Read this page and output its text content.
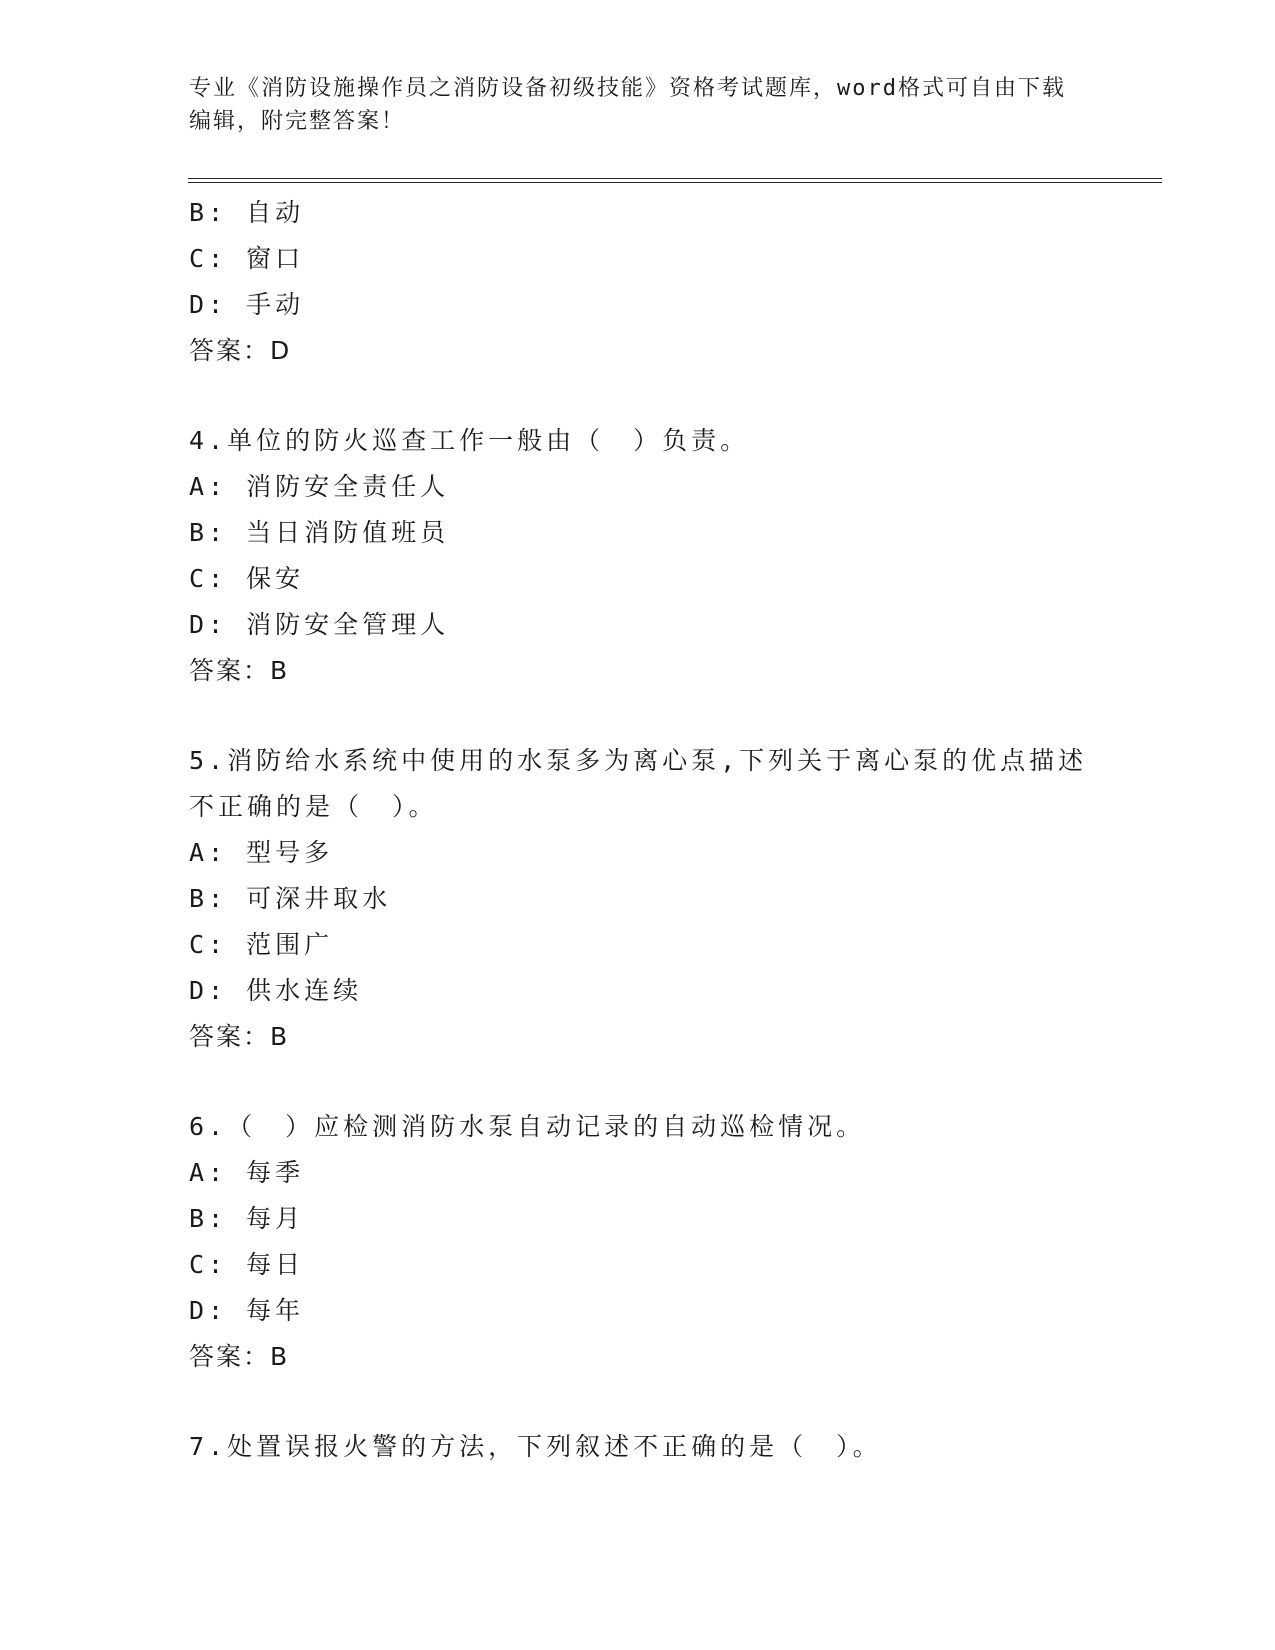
专业《消防设施操作员之消防设备初级技能》资格考试题库，word格式可自由下载编辑，附完整答案！
B: 自动
C: 窗口
D: 手动
答案：D
4.单位的防火巡查工作一般由（　）负责。
A: 消防安全责任人
B: 当日消防值班员
C: 保安
D: 消防安全管理人
答案：B
5.消防给水系统中使用的水泵多为离心泵,下列关于离心泵的优点描述不正确的是（　）。
A: 型号多
B: 可深井取水
C: 范围广
D: 供水连续
答案：B
6.（　）应检测消防水泵自动记录的自动巡检情况。
A: 每季
B: 每月
C: 每日
D: 每年
答案：B
7.处置误报火警的方法，下列叙述不正确的是（　）。
